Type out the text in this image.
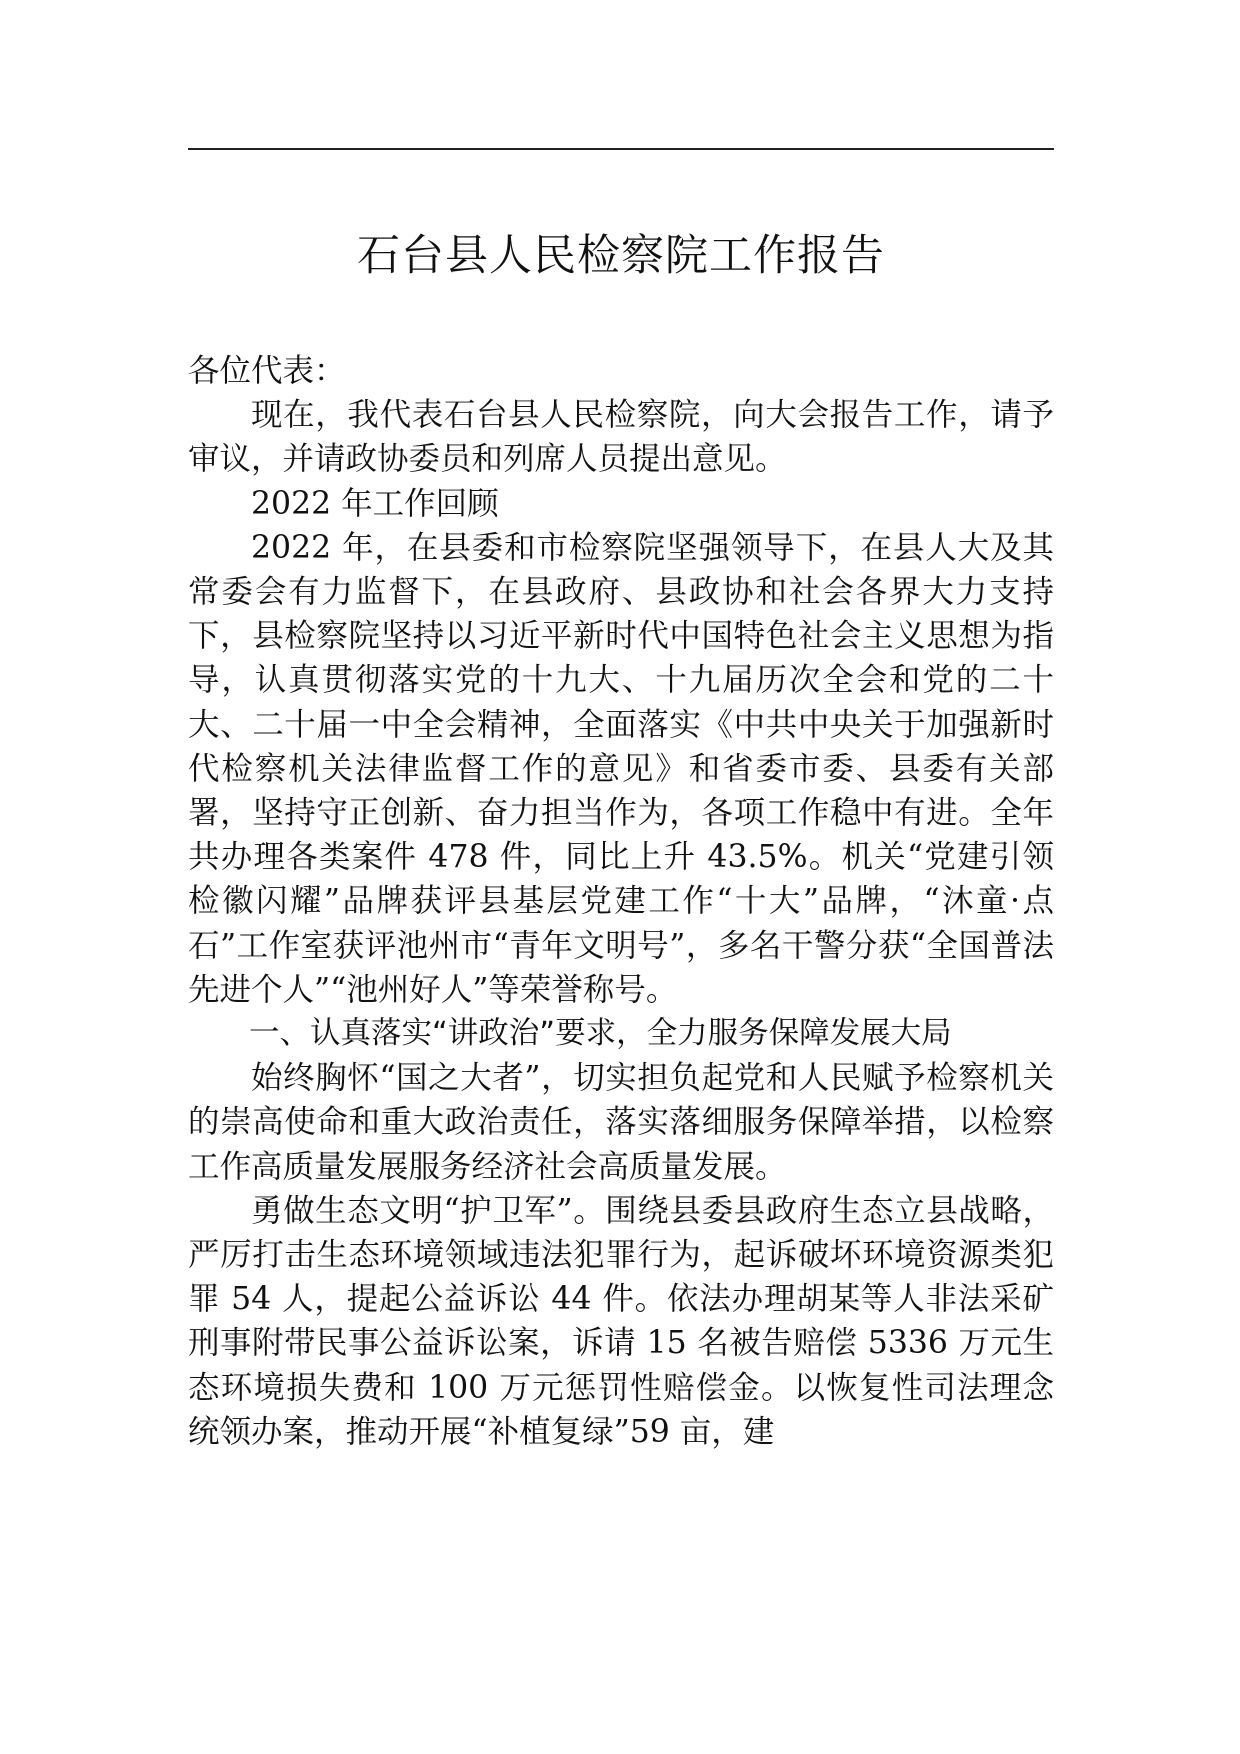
石台县人民检察院工作报告

各位代表：

现在，我代表石台县人民检察院，向大会报告工作，请予审议，并请政协委员和列席人员提出意见。

2022 年工作回顾

2022 年，在县委和市检察院坚强领导下，在县人大及其常委会有力监督下，在县政府、县政协和社会各界大力支持下，县检察院坚持以习近平新时代中国特色社会主义思想为指导，认真贯彻落实党的十九大、十九届历次全会和党的二十大、二十届一中全会精神，全面落实《中共中央关于加强新时代检察机关法律监督工作的意见》和省委市委、县委有关部署，坚持守正创新、奋力担当作为，各项工作稳中有进。全年共办理各类案件 478 件，同比上升 43.5%。机关“党建引领 检徽闪耀”品牌获评县基层党建工作“十大”品牌，“沐童·点石”工作室获评池州市“青年文明号”，多名干警分获“全国普法先进个人”“池州好人”等荣誉称号。

一、认真落实“讲政治”要求，全力服务保障发展大局

始终胸怀“国之大者”，切实担负起党和人民赋予检察机关的崇高使命和重大政治责任，落实落细服务保障举措，以检察工作高质量发展服务经济社会高质量发展。

勇做生态文明“护卫军”。围绕县委县政府生态立县战略，严厉打击生态环境领域违法犯罪行为，起诉破坏环境资源类犯罪 54 人，提起公益诉讼 44 件。依法办理胡某等人非法采矿刑事附带民事公益诉讼案，诉请 15 名被告赔偿 5336 万元生态环境损失费和 100 万元惩罚性赔偿金。以恢复性司法理念统领办案，推动开展“补植复绿”59 亩，建
